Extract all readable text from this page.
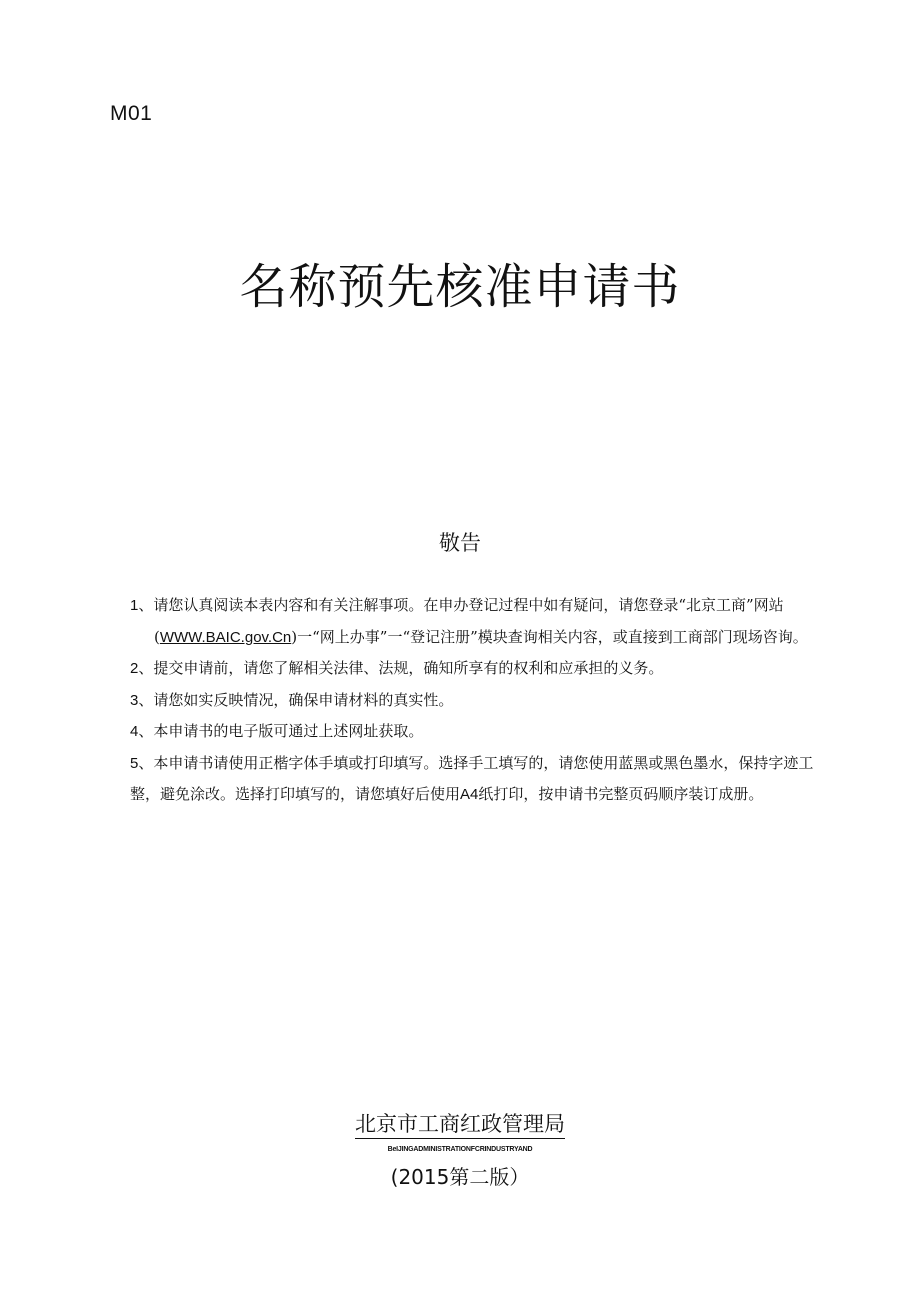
M01
名称预先核准申请书
敬告
1、请您认真阅读本表内容和有关注解事项。在申办登记过程中如有疑问，请您登录“北京工商”网站(WWW.BAIC.gov.Cn)一“网上办事”一“登记注册”模块查询相关内容，或直接到工商部门现场咨询。
2、 提交申请前，请您了解相关法律、法规，确知所享有的权利和应承担的义务。
3、 请您如实反映情况，确保申请材料的真实性。
4、 本申请书的电子版可通过上述网址获取。
5、本申请书请使用正楷字体手填或打印填写。选择手工填写的，请您使用蓝黑或黑色墨水，保持字迹工整，避免涂改。选择打印填写的，请您填好后使用A4纸打印，按申请书完整页码顺序装订成册。
北京市工商红政管理局
BeIJINGADMINISTRATIONFCRINDUSTRYAND
(2015第二版）
